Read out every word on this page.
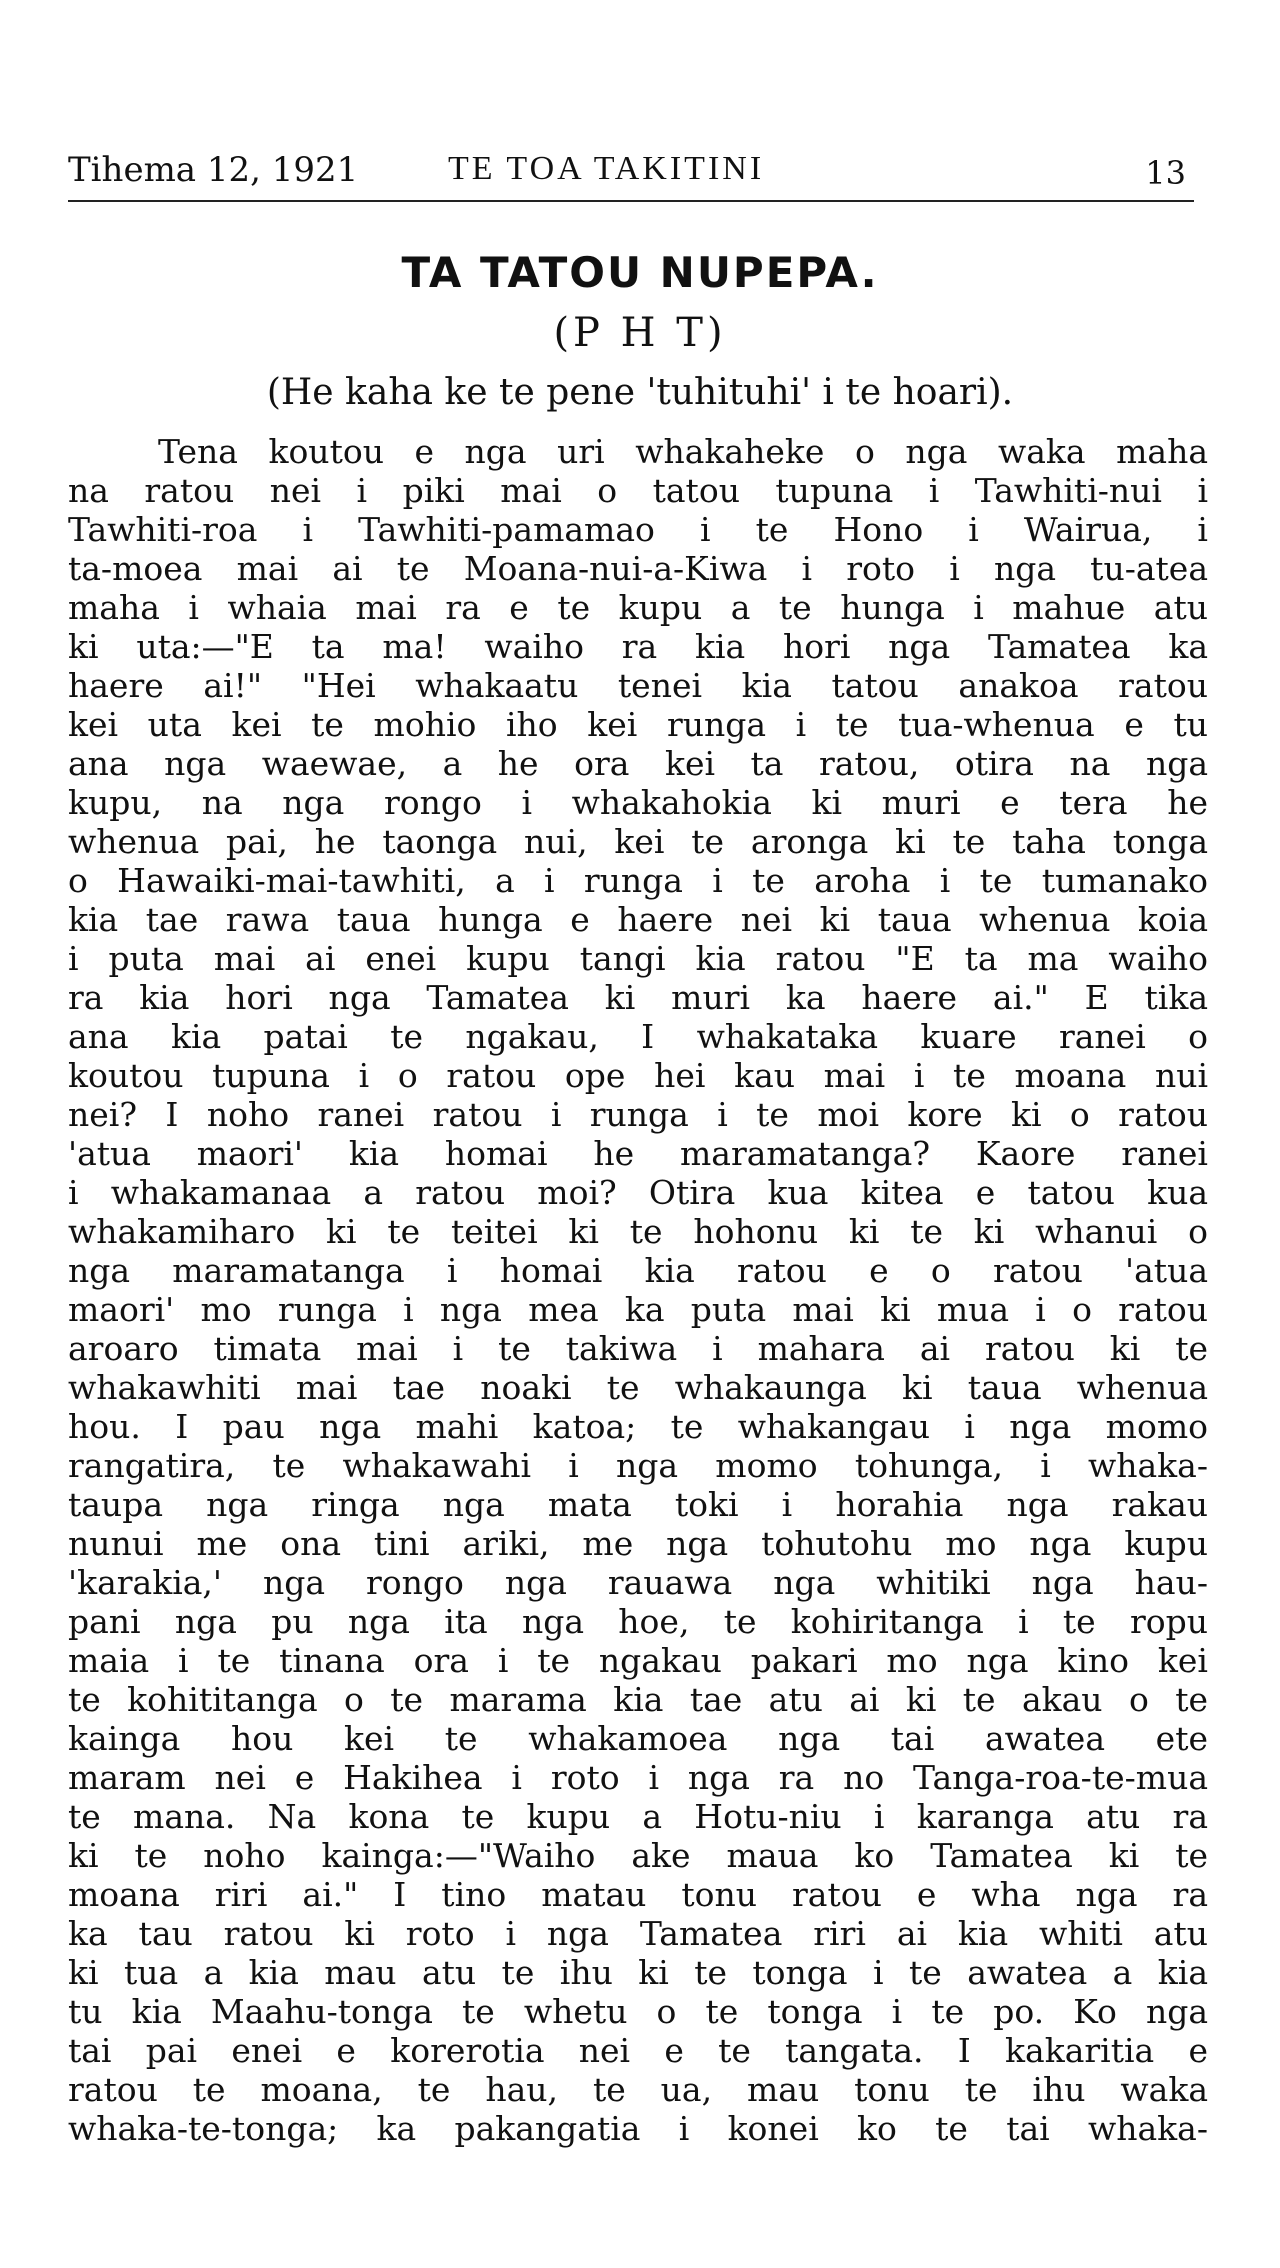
Tihema 12, 1921	TE TOA TAKITINI	13
TA TATOU NUPEPA.
(P H T)
(He kaha ke te pene 'tuhituhi' i te hoari).
Tena koutou e nga uri whakaheke o nga waka maha
na ratou nei i piki mai o tatou tupuna i Tawhiti-nui i
Tawhiti-roa i Tawhiti-pamamao i te Hono i Wairua, i
ta-moea mai ai te Moana-nui-a-Kiwa i roto i nga tu-atea
maha i whaia mai ra e te kupu a te hunga i mahue atu
ki uta:—"E ta ma! waiho ra kia hori nga Tamatea ka
haere ai!" "Hei whakaatu tenei kia tatou anakoa ratou
kei uta kei te mohio iho kei runga i te tua-whenua e tu
ana nga waewae, a he ora kei ta ratou, otira na nga
kupu, na nga rongo i whakahokia ki muri e tera he
whenua pai, he taonga nui, kei te aronga ki te taha tonga
o Hawaiki-mai-tawhiti, a i runga i te aroha i te tumanako
kia tae rawa taua hunga e haere nei ki taua whenua koia
i puta mai ai enei kupu tangi kia ratou "E ta ma waiho
ra kia hori nga Tamatea ki muri ka haere ai." E tika
ana kia patai te ngakau, I whakataka kuare ranei o
koutou tupuna i o ratou ope hei kau mai i te moana nui
nei? I noho ranei ratou i runga i te moi kore ki o ratou
'atua maori' kia homai he maramatanga? Kaore ranei
i whakamanaa a ratou moi? Otira kua kitea e tatou kua
whakamiharo ki te teitei ki te hohonu ki te ki whanui o
nga maramatanga i homai kia ratou e o ratou 'atua
maori' mo runga i nga mea ka puta mai ki mua i o ratou
aroaro timata mai i te takiwa i mahara ai ratou ki te
whakawhiti mai tae noaki te whakaunga ki taua whenua
hou. I pau nga mahi katoa; te whakangau i nga momo
rangatira, te whakawahi i nga momo tohunga, i whaka-
taupa nga ringa nga mata toki i horahia nga rakau
nunui me ona tini ariki, me nga tohutohu mo nga kupu
'karakia,' nga rongo nga rauawa nga whitiki nga hau-
pani nga pu nga ita nga hoe, te kohiritanga i te ropu
maia i te tinana ora i te ngakau pakari mo nga kino kei
te kohititanga o te marama kia tae atu ai ki te akau o te
kainga hou kei te whakamoea nga tai awatea ete
maram nei e Hakihea i roto i nga ra no Tanga-roa-te-mua
te mana. Na kona te kupu a Hotu-niu i karanga atu ra
ki te noho kainga:—"Waiho ake maua ko Tamatea ki te
moana riri ai." I tino matau tonu ratou e wha nga ra
ka tau ratou ki roto i nga Tamatea riri ai kia whiti atu
ki tua a kia mau atu te ihu ki te tonga i te awatea a kia
tu kia Maahu-tonga te whetu o te tonga i te po. Ko nga
tai pai enei e korerotia nei e te tangata. I kakaritia e
ratou te moana, te hau, te ua, mau tonu te ihu waka
whaka-te-tonga; ka pakangatia i konei ko te tai whaka-
